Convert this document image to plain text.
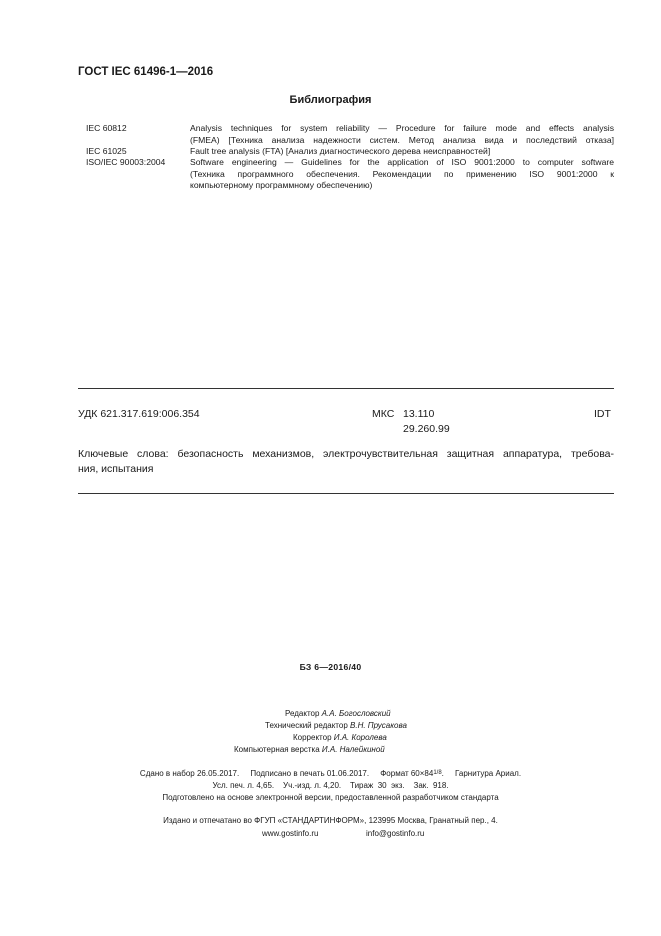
ГОСТ IEC 61496-1—2016
Библиография
IEC 60812	Analysis techniques for system reliability — Procedure for failure mode and effects analysis
(FMEA) [Техника анализа надежности систем. Метод анализа вида и последствий отказа]
IEC 61025	Fault tree analysis (FTA) [Анализ диагностического дерева неисправностей]
ISO/IEC 90003:2004	Software engineering — Guidelines for the application of ISO 9001:2000 to computer software
(Техника программного обеспечения. Рекомендации по применению ISO 9001:2000 к
компьютерному программному обеспечению)
УДК 621.317.619:006.354	МКС 13.110
29.260.99
IDT
Ключевые слова: безопасность механизмов, электрочувствительная защитная аппаратура, требова-
ния, испытания
БЗ 6—2016/40
Редактор А.А. Богословский
Технический редактор В.Н. Прусакова
Корректор И.А. Королева
Компьютерная верстка И.А. Налейкиной
Сдано в набор 26.05.2017.     Подписано в печать 01.06.2017.     Формат $60\times 84^{1/8}$.     Гарнитура Ариал.
Усл. печ. л. 4,65.    Уч.-изд. л. 4,20.    Тираж  30  экз.    Зак.  918.
Подготовлено на основе электронной версии, предоставленной разработчиком стандарта
Издано и отпечатано во ФГУП «СТАНДАРТИНФОРМ», 123995 Москва, Гранатный пер., 4.
www.gostinfo.ru	info@gostinfo.ru
